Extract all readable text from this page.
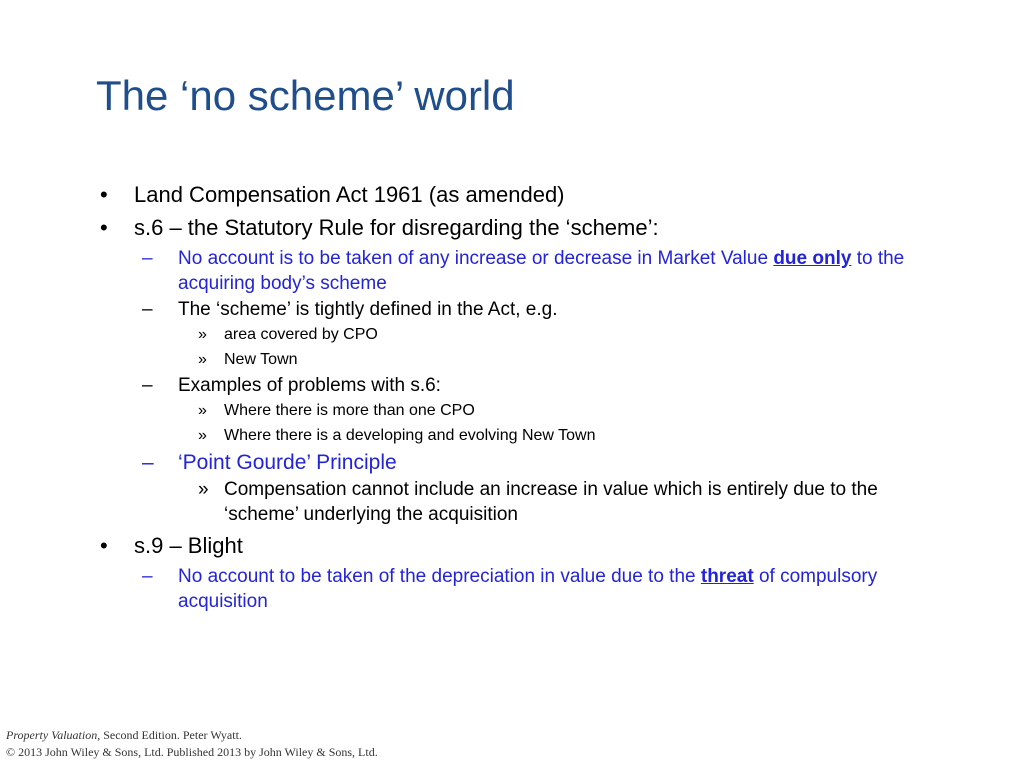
The ‘no scheme’ world
• Land Compensation Act 1961 (as amended)
• s.6 – the Statutory Rule for disregarding the ‘scheme’:
– No account is to be taken of any increase or decrease in Market Value due only to the acquiring body’s scheme
– The ‘scheme’ is tightly defined in the Act, e.g.
» area covered by CPO
» New Town
– Examples of problems with s.6:
» Where there is more than one CPO
» Where there is a developing and evolving New Town
– ‘Point Gourde’ Principle
» Compensation cannot include an increase in value which is entirely due to the ‘scheme’ underlying the acquisition
• s.9 – Blight
– No account to be taken of the depreciation in value due to the threat of compulsory acquisition
Property Valuation, Second Edition. Peter Wyatt.
© 2013 John Wiley & Sons, Ltd. Published 2013 by John Wiley & Sons, Ltd.
